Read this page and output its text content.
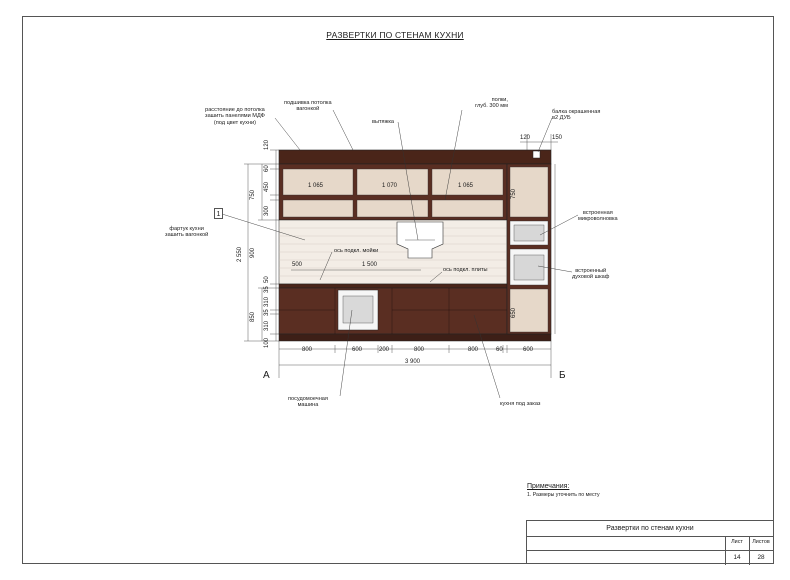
РАЗВЕРТКИ ПО СТЕНАМ КУХНИ
расстояние до потолка
зашить панелями МДФ
(под цвет кухни)
подшивка потолка
вагонкой
вытяжка
полки,
глуб. 300 мм
балка окрашенная
в2 ДУБ
фартук кухни
зашить вагонкой
ось подкл. мойки
ось подкл. плиты
встроенная
микроволновка
встроенный
духовой шкаф
посудомоечная
машина	кухня под заказ
1
А	Б
1 065	1 070	1 065
500	1 500
120	150
120
60
450
300
750
900
50
35
310
35
310
100
850
2 550
750
650
800	600	200	800	800	60	600
3 900
Примечания:
1. Размеры уточнить по месту
Развертки по стенам кухни
Лист	Листов
14	28
